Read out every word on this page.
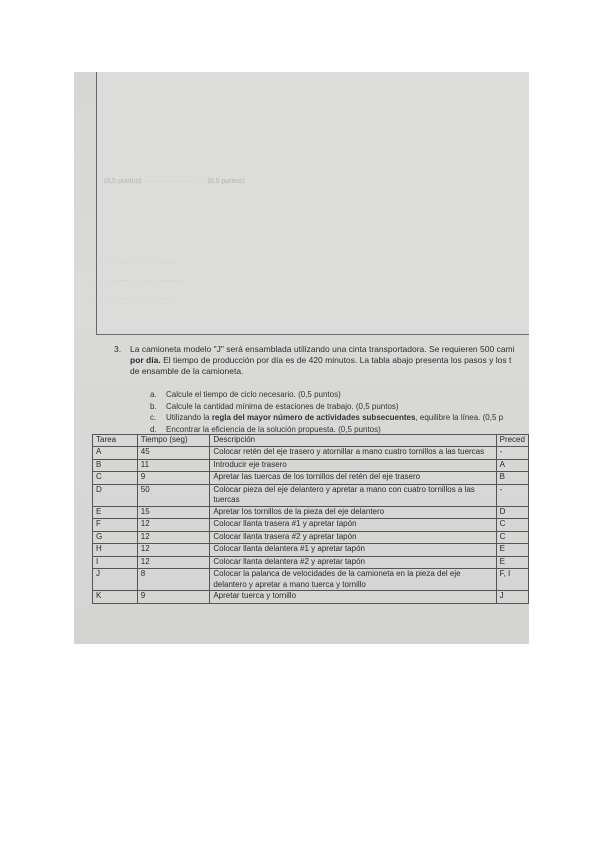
(0,5 puntos) · · · · · · · · · · · · · · · (0,5 puntos)
· · · · · · · · · · · · · · · · · · · · · · · ·
· · · · · · · · · · · · · · · · · · · · · · · · · · ·
· · · · · · · · · · · · · · · · · · · · · · ·
3. La camioneta modelo "J" será ensamblada utilizando una cinta transportadora. Se requieren 500 cami
por día. El tiempo de producción por día es de 420 minutos. La tabla abajo presenta los pasos y los t
de ensamble de la camioneta.
a. Calcule el tiempo de ciclo necesario. (0,5 puntos)
b. Calcule la cantidad mínima de estaciones de trabajo. (0,5 puntos)
c. Utilizando la regla del mayor número de actividades subsecuentes, equilibre la línea. (0,5 p
d. Encontrar la eficiencia de la solución propuesta. (0,5 puntos)
Tarea	Tiempo (seg)	Descripción	Preced
A	45	Colocar retén del eje trasero y atornillar a mano cuatro tornillos a las tuercas	-
B	11	Introducir eje trasero	A
C	9	Apretar las tuercas de los tornillos del retén del eje trasero	B
D	50	Colocar pieza del eje delantero y apretar a mano con cuatro tornillos a las tuercas	-
E	15	Apretar los tornillos de la pieza del eje delantero	D
F	12	Colocar llanta trasera #1 y apretar tapón	C
G	12	Colocar llanta trasera #2 y apretar tapón	C
H	12	Colocar llanta delantera #1 y apretar tapón	E
I	12	Colocar llanta delantera #2 y apretar tapón	E
J	8	Colocar la palanca de velocidades de la camioneta en la pieza del eje delantero y apretar a mano tuerca y tornillo	F, I
K	9	Apretar tuerca y tornillo	J
